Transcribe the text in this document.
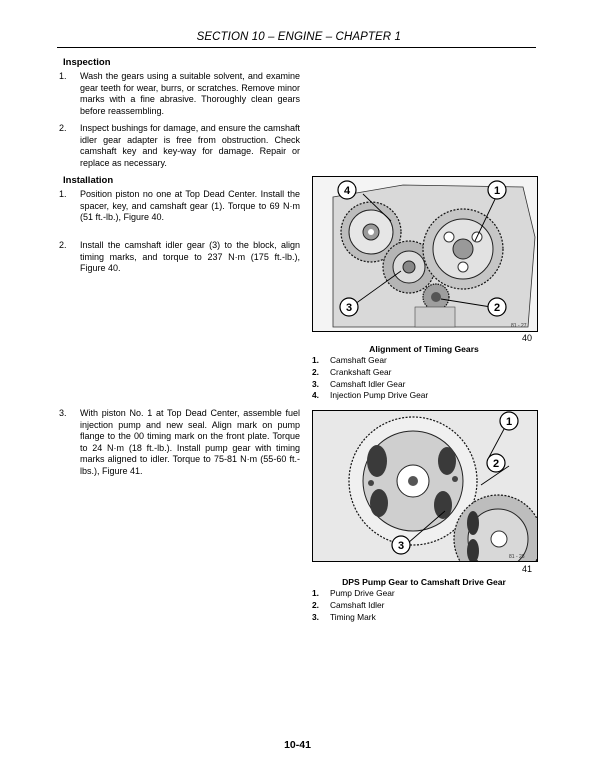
SECTION 10 – ENGINE – CHAPTER 1
Inspection
1. Wash the gears using a suitable solvent, and examine gear teeth for wear, burrs, or scratches. Remove minor marks with a fine abrasive. Thoroughly clean gears before reassembling.
2. Inspect bushings for damage, and ensure the camshaft idler gear adapter is free from obstruction. Check camshaft key and key-way for damage. Repair or replace as necessary.
Installation
1. Position piston no one at Top Dead Center. Install the spacer, key, and camshaft gear (1). Torque to 69 N·m (51 ft.-lb.), Figure 40.
2. Install the camshaft idler gear (3) to the block, align timing marks, and torque to 237 N·m (175 ft.-lb.), Figure 40.
3. With piston No. 1 at Top Dead Center, assemble fuel injection pump and new seal. Align mark on pump flange to the 00 timing mark on the front plate. Torque to 24 N·m (18 ft.-lb.). Install pump gear with timing marks aligned to idler. Torque to 75-81 N·m (55-60 ft.-lbs.), Figure 41.
1
2
3
4
81 - 27
40
Alignment of Timing Gears
1. Camshaft Gear
2. Crankshaft Gear
3. Camshaft Idler Gear
4. Injection Pump Drive Gear
1
2
3
81 - 28
41
DPS Pump Gear to Camshaft Drive Gear
1. Pump Drive Gear
2. Camshaft Idler
3. Timing Mark
10-41
